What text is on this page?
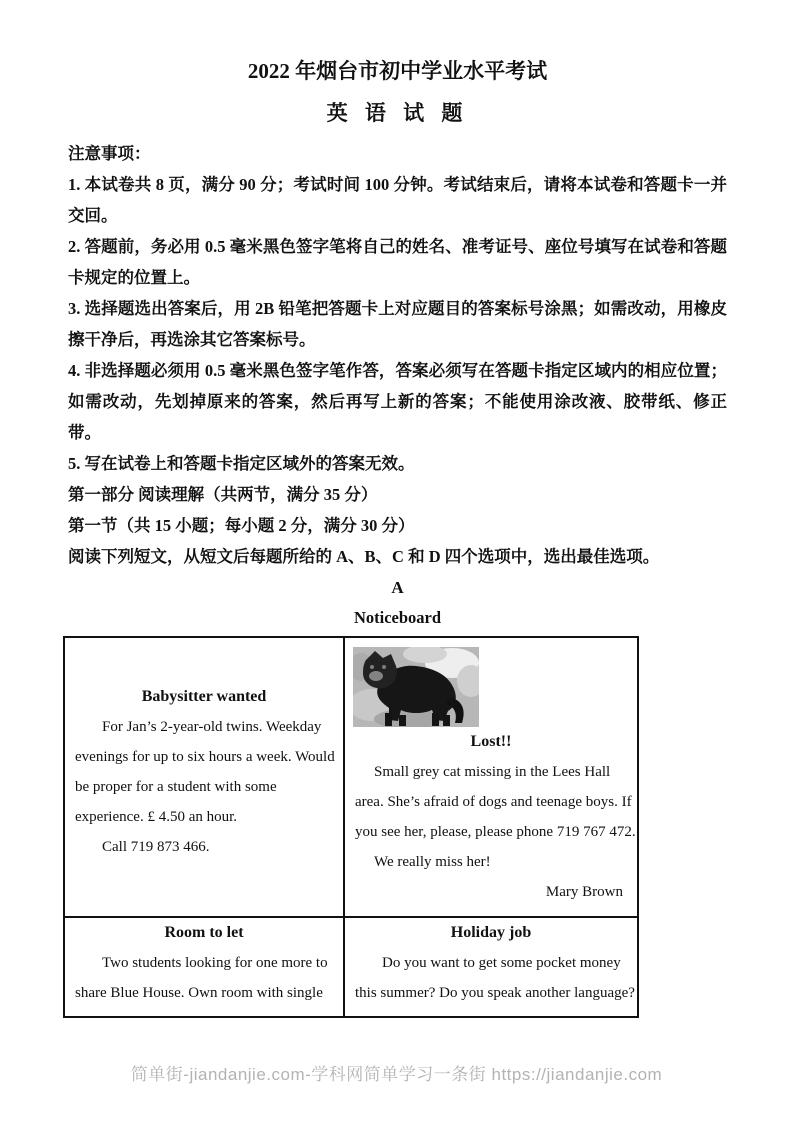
2022 年烟台市初中学业水平考试
英 语 试 题

注意事项：

1. 本试卷共 8 页，满分 90 分；考试时间 100 分钟。考试结束后，请将本试卷和答题卡一并交回。

2. 答题前，务必用 0.5 毫米黑色签字笔将自己的姓名、准考证号、座位号填写在试卷和答题卡规定的位置上。

3. 选择题选出答案后，用 2B 铅笔把答题卡上对应题目的答案标号涂黑；如需改动，用橡皮擦干净后，再选涂其它答案标号。

4. 非选择题必须用 0.5 毫米黑色签字笔作答，答案必须写在答题卡指定区域内的相应位置；如需改动，先划掉原来的答案，然后再写上新的答案；不能使用涂改液、胶带纸、修正带。

5. 写在试卷上和答题卡指定区域外的答案无效。

第一部分 阅读理解（共两节，满分 35 分）

第一节（共 15 小题；每小题 2 分，满分 30 分）

阅读下列短文，从短文后每题所给的 A、B、C 和 D 四个选项中，选出最佳选项。

A

Noticeboard

Babysitter wanted
For Jan’s 2-year-old twins. Weekday
evenings for up to six hours a week. Would
be proper for a student with some
experience. £ 4.50 an hour.
Call 719 873 466.

Lost!!
Small grey cat missing in the Lees Hall
area. She’s afraid of dogs and teenage boys. If
you see her, please, please phone 719 767 472.
We really miss her!
Mary Brown

Room to let
Two students looking for one more to
share Blue House. Own room with single

Holiday job
Do you want to get some pocket money
this summer? Do you speak another language?
简单街-jiandanjie.com-学科网简单学习一条街 https://jiandanjie.com
